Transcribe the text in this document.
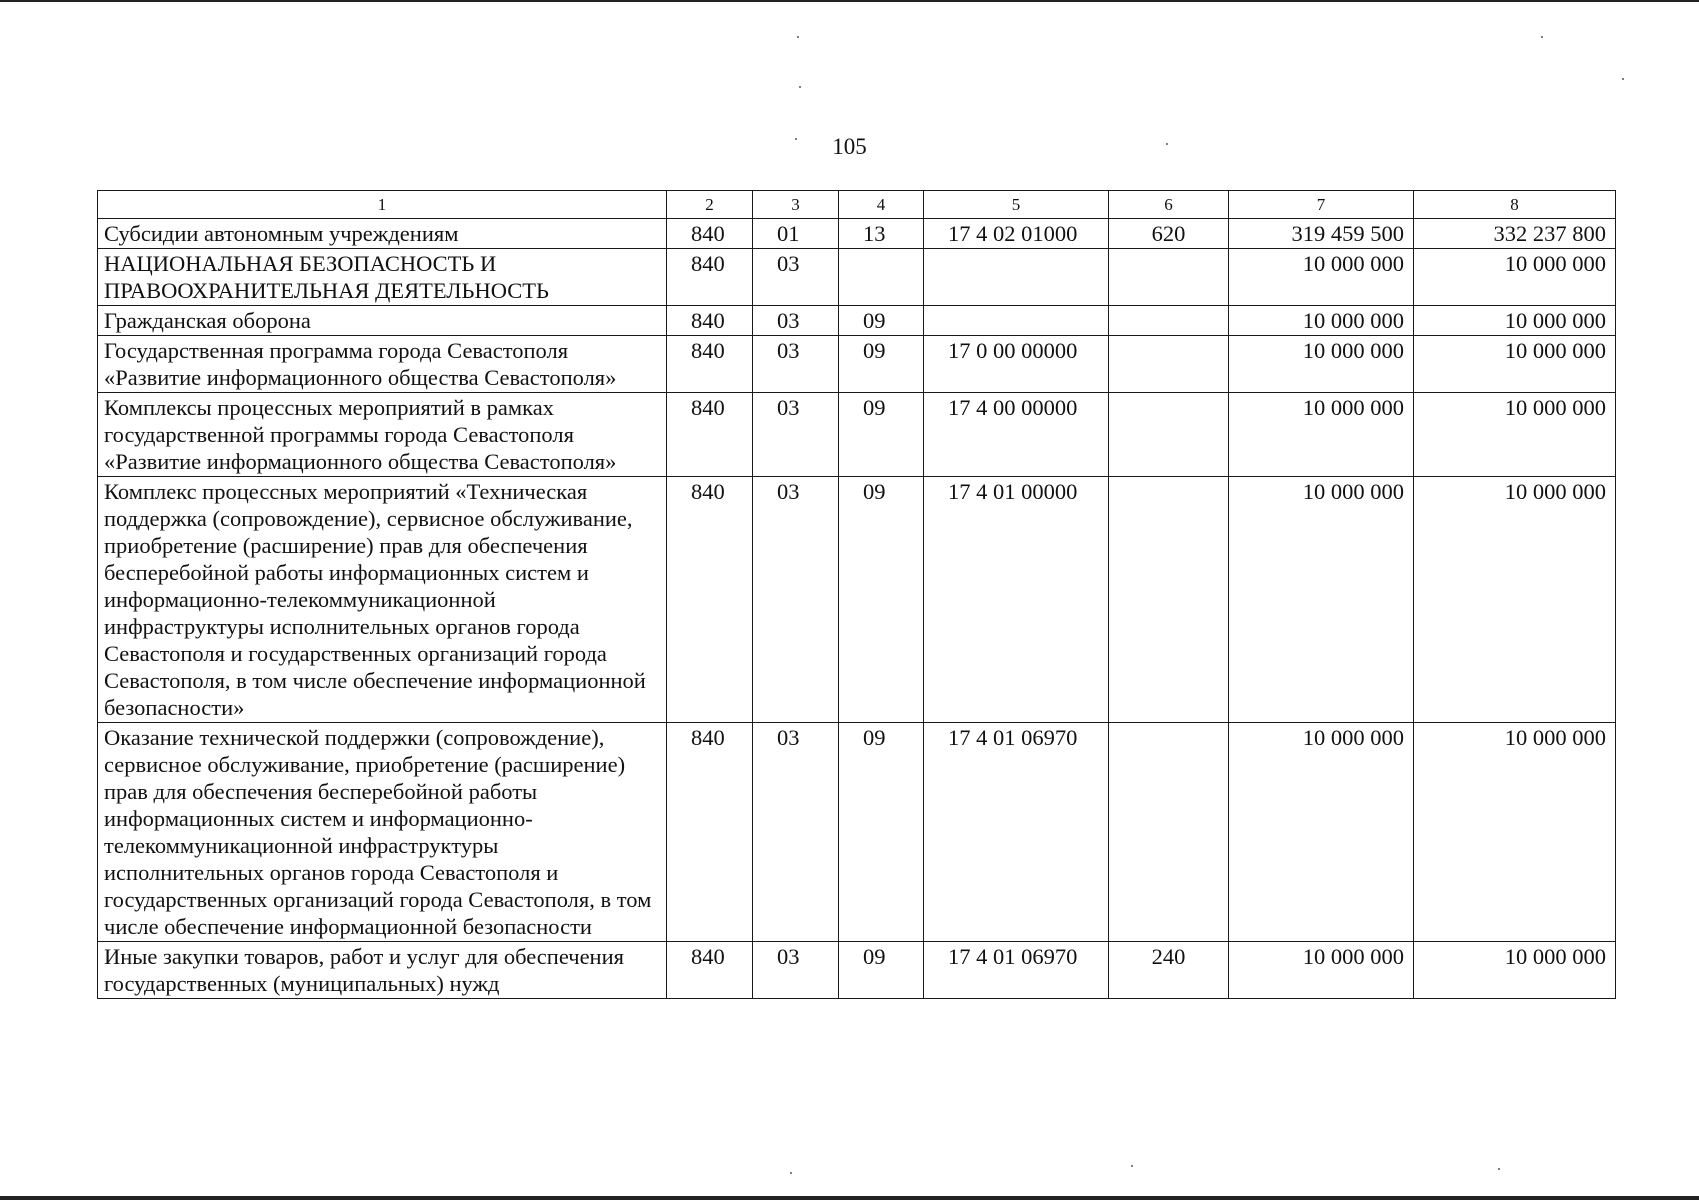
105
1	2	3	4	5	6	7	8
Субсидии автономным учреждениям	840	01	13	17 4 02 01000	620	319 459 500	332 237 800
НАЦИОНАЛЬНАЯ БЕЗОПАСНОСТЬ И ПРАВООХРАНИТЕЛЬНАЯ ДЕЯТЕЛЬНОСТЬ	840	03				10 000 000	10 000 000
Гражданская оборона	840	03	09			10 000 000	10 000 000
Государственная программа города Севастополя «Развитие информационного общества Севастополя»	840	03	09	17 0 00 00000		10 000 000	10 000 000
Комплексы процессных мероприятий в рамках государственной программы города Севастополя «Развитие информационного общества Севастополя»	840	03	09	17 4 00 00000		10 000 000	10 000 000
Комплекс процессных мероприятий «Техническая поддержка (сопровождение), сервисное обслуживание, приобретение (расширение) прав для обеспечения бесперебойной работы информационных систем и информационно-телекоммуникационной инфраструктуры исполнительных органов города Севастополя и государственных организаций города Севастополя, в том числе обеспечение информационной безопасности»	840	03	09	17 4 01 00000		10 000 000	10 000 000
Оказание технической поддержки (сопровождение), сервисное обслуживание, приобретение (расширение) прав для обеспечения бесперебойной работы информационных систем и информационно-телекоммуникационной инфраструктуры исполнительных органов города Севастополя и государственных организаций города Севастополя, в том числе обеспечение информационной безопасности	840	03	09	17 4 01 06970		10 000 000	10 000 000
Иные закупки товаров, работ и услуг для обеспечения государственных (муниципальных) нужд	840	03	09	17 4 01 06970	240	10 000 000	10 000 000
